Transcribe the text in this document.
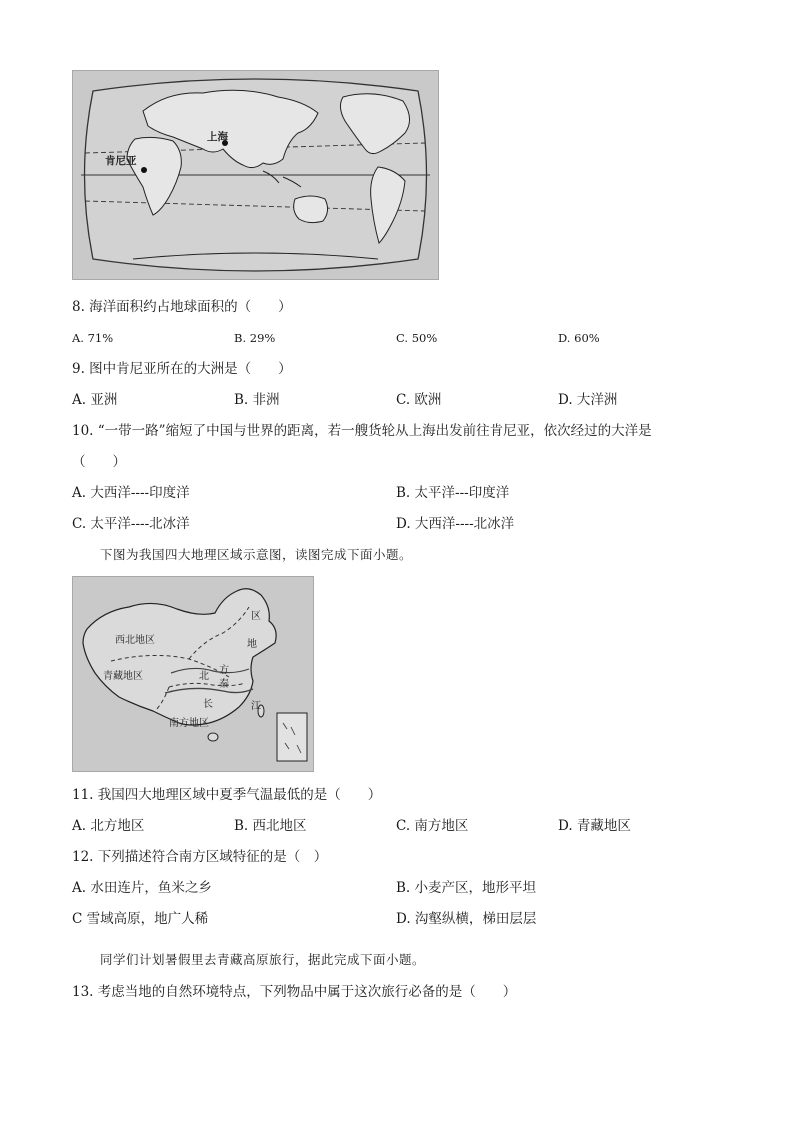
上海
肯尼亚
8. 海洋面积约占地球面积的（　　）
A. 71%	B. 29%	C. 50%	D. 60%
9. 图中肯尼亚所在的大洲是（　　）
A. 亚洲	B. 非洲	C. 欧洲	D. 大洋洲
10. “一带一路”缩短了中国与世界的距离，若一艘货轮从上海出发前往肯尼亚，依次经过的大洋是
（　　）
A. 大西洋----印度洋	B. 太平洋---印度洋
C. 太平洋----北冰洋	D. 大西洋----北冰洋
下图为我国四大地理区域示意图，读图完成下面小题。
西北地区
青藏地区
南方地区
区
地
方
北
秦
长	江
11. 我国四大地理区域中夏季气温最低的是（　　）
A. 北方地区	B. 西北地区	C. 南方地区	D. 青藏地区
12. 下列描述符合南方区域特征的是（　）
A. 水田连片，鱼米之乡	B. 小麦产区，地形平坦
C 雪域高原，地广人稀	D. 沟壑纵横，梯田层层
同学们计划暑假里去青藏高原旅行，据此完成下面小题。
13. 考虑当地的自然环境特点，下列物品中属于这次旅行必备的是（　　）
